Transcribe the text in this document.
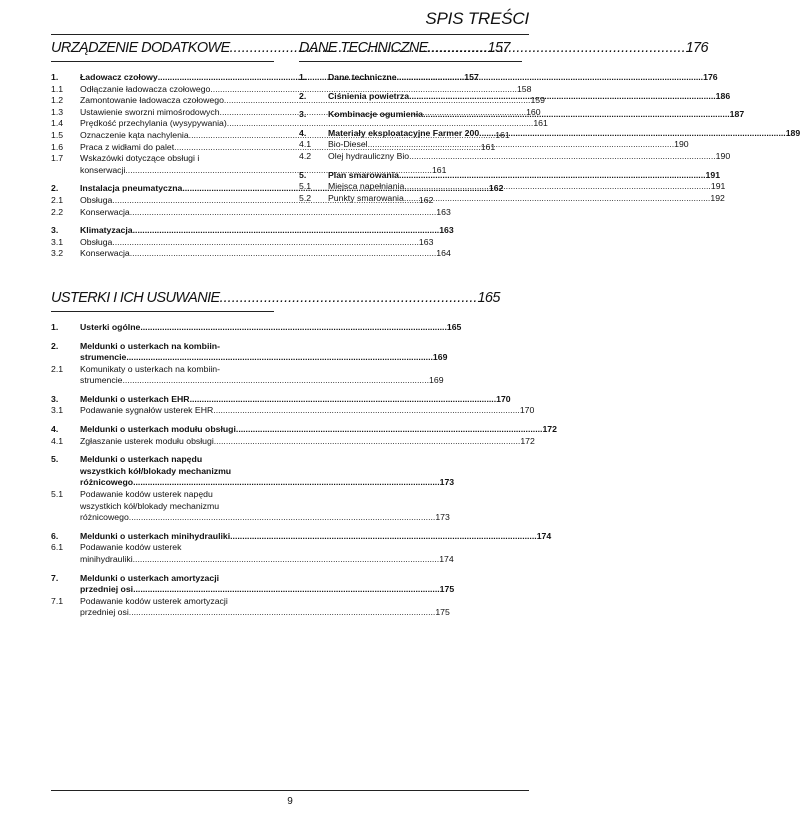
SPIS TREŚCI
URZĄDZENIE DODATKOWE .....	157
1.	Ładowacz czołowy .....	157
1.1	Odłączanie ładowacza czołowego .....	158
1.2	Zamontowanie ładowacza czołowego .....	159
1.3	Ustawienie sworzni mimośrodowych .....	160
1.4	Prędkość przechylania (wysypywania) .....	161
1.5	Oznaczenie kąta nachylenia .....	161
1.6	Praca z widłami do palet .....	161
1.7	Wskazówki dotyczące obsługi i
konserwacji .....	161
2.	Instalacja pneumatyczna .....	162
2.1	Obsługa .....	162
2.2	Konserwacja .....	163
3.	Klimatyzacja .....	163
3.1	Obsługa .....	163
3.2	Konserwacja .....	164
USTERKI I ICH USUWANIE .....	165
1.	Usterki ogólne .....	165
2.	Meldunki o usterkach na kombiin-
strumencie .....	169
2.1	Komunikaty o usterkach na kombiin-
strumencie .....	169
3.	Meldunki o usterkach EHR .....	170
3.1	Podawanie sygnałów usterek EHR .....	170
4.	Meldunki o usterkach modułu obsługi .....	172
4.1	Zgłaszanie usterek modułu obsługi .....	172
5.	Meldunki o usterkach napędu
wszystkich kół/blokady mechanizmu
różnicowego .....	173
5.1	Podawanie kodów usterek napędu
wszystkich kół/blokady mechanizmu
różnicowego .....	173
6.	Meldunki o usterkach minihydrauliki .....	174
6.1	Podawanie kodów usterek
minihydrauliki .....	174
7.	Meldunki o usterkach amortyzacji
przedniej osi .....	175
7.1	Podawanie kodów usterek amortyzacji
przedniej osi .....	175
DANE TECHNICZNE .....	176
1.	Dane techniczne .....	176
2.	Ciśnienia powietrza .....	186
3.	Kombinacje ogumienia .....	187
4.	Materiały eksploatacyjne Farmer 200 .....	189
4.1	Bio-Diesel .....	190
4.2	Olej hydrauliczny Bio .....	190
5.	Plan smarowania .....	191
5.1	Miejsca napełniania .....	191
5.2	Punkty smarowania .....	192
9
